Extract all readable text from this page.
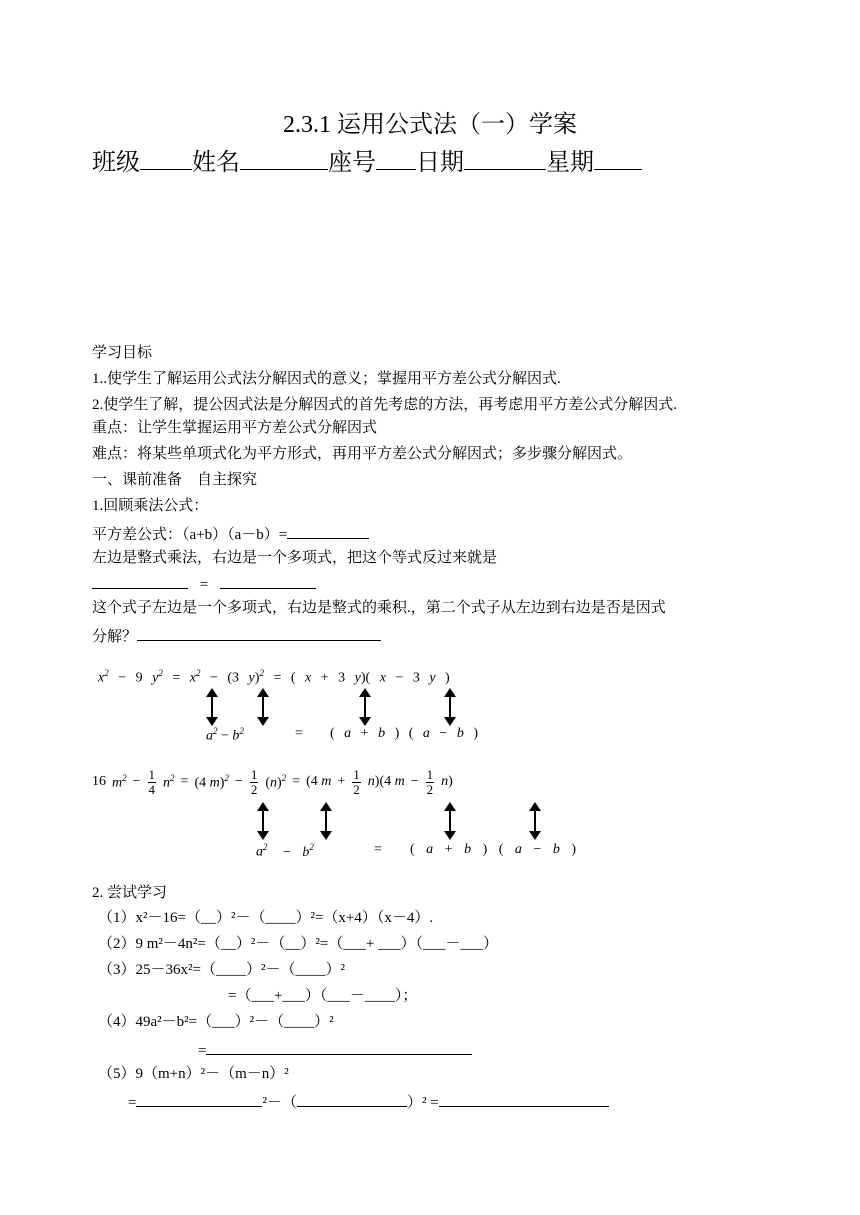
2.3.1 运用公式法（一）学案
班级 姓名	座号 日期	星期
学习目标
1..使学生了解运用公式法分解因式的意义；掌握用平方差公式分解因式.
2.使学生了解，提公因式法是分解因式的首先考虑的方法，再考虑用平方差公式分解因式.
重点：让学生掌握运用平方差公式分解因式
难点：将某些单项式化为平方形式，再用平方差公式分解因式；多步骤分解因式。
一、课前准备　自主探究
1.回顾乘法公式：
平方差公式：（a+b）（a－b）=
左边是整式乘法，右边是一个多项式，把这个等式反过来就是
=
这个式子左边是一个多项式，右边是整式的乘积.，第二个式子从左边到右边是否是因式
分解？
$x^2 - 9$ $y^2 = x^2 - (3$ y)$^2$ = ( x + 3 y)( x − 3 y )
$a^2 - b^2$	= ( a + b ) ( a − b )
16 $m^2 - \frac{1}{4} n^2 = (4$ $m)^2 - \frac{1}{2} (n)^2 = (4$ $m + \frac{1}{2} n)(4$ $m - \frac{1}{2} n$)
$a^2 - b^2$	= ( a + b ) ( a − b )
2. 尝试学习
（1）x²－16=（__）²－（____）²=（x+4）（x－4）.
（2）9 m²－4n²=（__）²－（__）²=（___+ ___）（___－___）
（3）25－36x²=（____）²－（____）²
=（___+___）（___－____）；
（4）49a²－b²=（___）²－（____）²
=
（5）9（m+n）²－（m－n）²
=	²－（	）² =
